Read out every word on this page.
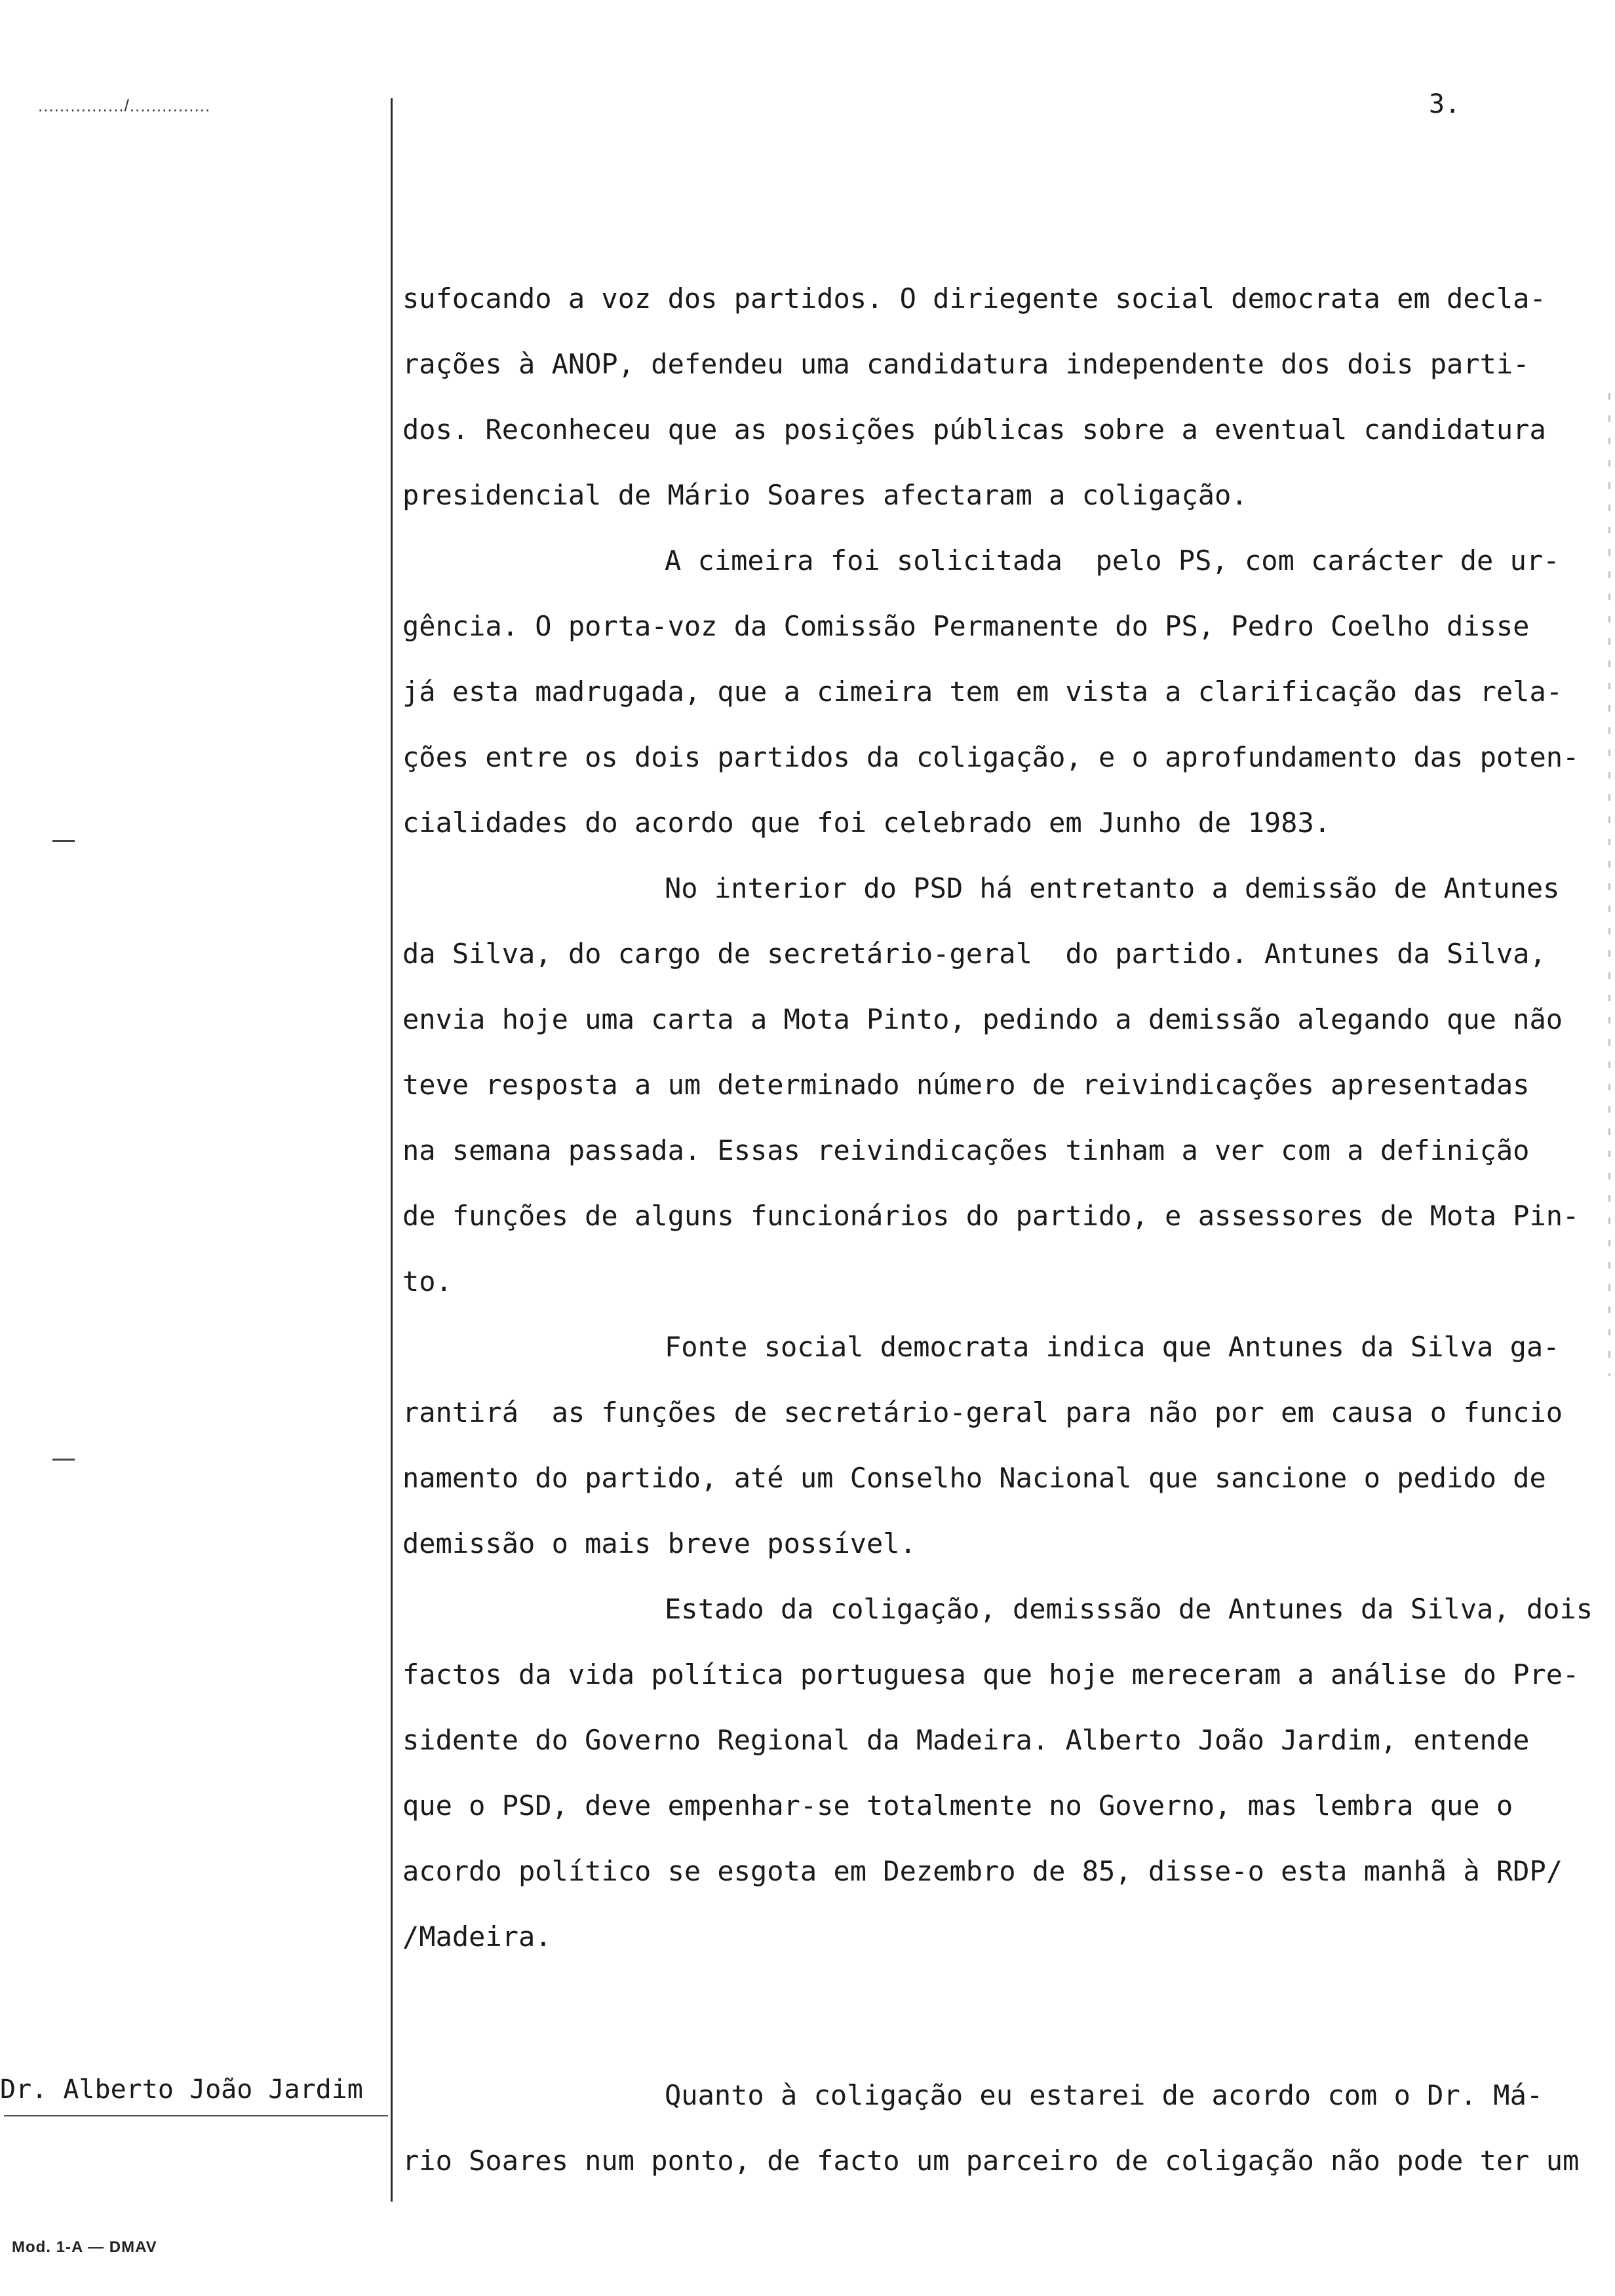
................/...............	3.
sufocando a voz dos partidos. O diriegente social democrata em decla-
rações à ANOP, defendeu uma candidatura independente dos dois parti-
dos. Reconheceu que as posições públicas sobre a eventual candidatura
presidencial de Mário Soares afectaram a coligação.
A cimeira foi solicitada  pelo PS, com carácter de ur-
gência. O porta-voz da Comissão Permanente do PS, Pedro Coelho disse
já esta madrugada, que a cimeira tem em vista a clarificação das rela-
ções entre os dois partidos da coligação, e o aprofundamento das poten-
cialidades do acordo que foi celebrado em Junho de 1983.
No interior do PSD há entretanto a demissão de Antunes
da Silva, do cargo de secretário-geral  do partido. Antunes da Silva,
envia hoje uma carta a Mota Pinto, pedindo a demissão alegando que não
teve resposta a um determinado número de reivindicações apresentadas
na semana passada. Essas reivindicações tinham a ver com a definição
de funções de alguns funcionários do partido, e assessores de Mota Pin-
to.
Fonte social democrata indica que Antunes da Silva ga-
rantirá  as funções de secretário-geral para não por em causa o funcio
namento do partido, até um Conselho Nacional que sancione o pedido de
demissão o mais breve possível.
Estado da coligação, demisssão de Antunes da Silva, dois
factos da vida política portuguesa que hoje mereceram a análise do Pre-
sidente do Governo Regional da Madeira. Alberto João Jardim, entende
que o PSD, deve empenhar-se totalmente no Governo, mas lembra que o
acordo político se esgota em Dezembro de 85, disse-o esta manhã à RDP/
/Madeira.
Quanto à coligação eu estarei de acordo com o Dr. Má-
rio Soares num ponto, de facto um parceiro de coligação não pode ter um
Dr. Alberto João Jardim
Mod. 1-A — DMAV
